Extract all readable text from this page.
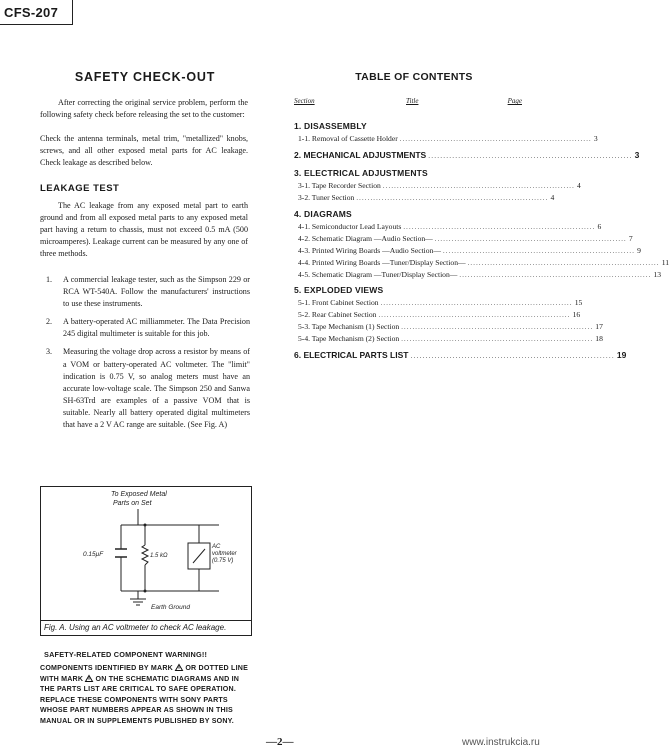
CFS-207
SAFETY CHECK-OUT
After correcting the original service problem, perform the following safety check before releasing the set to the customer:
Check the antenna terminals, metal trim, "metallized" knobs, screws, and all other exposed metal parts for AC leakage. Check leakage as described below.
LEAKAGE TEST
The AC leakage from any exposed metal part to earth ground and from all exposed metal parts to any exposed metal part having a return to chassis, must not exceed 0.5 mA (500 microamperes). Leakage current can be measured by any one of three methods.
1. A commercial leakage tester, such as the Simpson 229 or RCA WT-540A. Follow the manufacturers' instructions to use these instruments.
2. A battery-operated AC milliammeter. The Data Precision 245 digital multimeter is suitable for this job.
3. Measuring the voltage drop across a resistor by means of a VOM or battery-operated AC voltmeter. The "limit" indication is 0.75 V, so analog meters must have an accurate low-voltage scale. The Simpson 250 and Sanwa SH-63Trd are examples of a passive VOM that is suitable. Nearly all battery operated digital multimeters that have a 2 V AC range are suitable. (See Fig. A)
To Exposed Metal
Parts on Set
0.15μF	1.5 kΩ
AC
voltmeter
(0.75 V)
Earth Ground
Fig. A. Using an AC voltmeter to check AC leakage.
SAFETY-RELATED COMPONENT WARNING!!
COMPONENTS IDENTIFIED BY MARK OR DOTTED LINE WITH MARK ON THE SCHEMATIC DIAGRAMS AND IN THE PARTS LIST ARE CRITICAL TO SAFE OPERATION. REPLACE THESE COMPONENTS WITH SONY PARTS WHOSE PART NUMBERS APPEAR AS SHOWN IN THIS MANUAL OR IN SUPPLEMENTS PUBLISHED BY SONY.
TABLE OF CONTENTS
Section	Title	Page
1. DISASSEMBLY
1-1. Removal of Cassette Holder .................................................................... 3
2. MECHANICAL ADJUSTMENTS .................................................................... 3
3. ELECTRICAL ADJUSTMENTS
3-1. Tape Recorder Section .................................................................... 4
3-2. Tuner Section .................................................................... 4
4. DIAGRAMS
4-1. Semiconductor Lead Layouts .................................................................... 6
4-2. Schematic Diagram —Audio Section— .................................................................... 7
4-3. Printed Wiring Boards —Audio Section— .................................................................... 9
4-4. Printed Wiring Boards —Tuner/Display Section— .................................................................... 11
4-5. Schematic Diagram —Tuner/Display Section— .................................................................... 13
5. EXPLODED VIEWS
5-1. Front Cabinet Section .................................................................... 15
5-2. Rear Cabinet Section .................................................................... 16
5-3. Tape Mechanism (1) Section .................................................................... 17
5-4. Tape Mechanism (2) Section .................................................................... 18
6. ELECTRICAL PARTS LIST .................................................................... 19
—2—	www.instrukcia.ru
